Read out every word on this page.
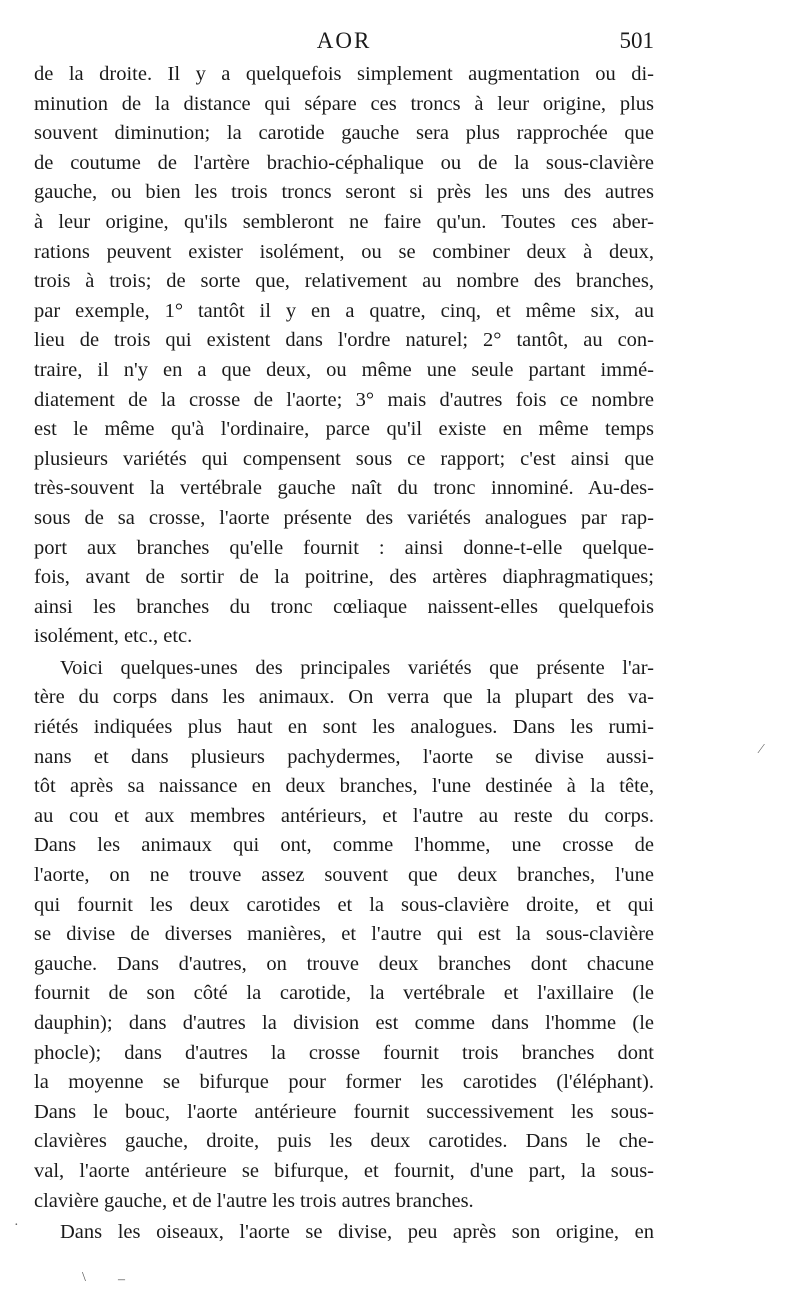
AOR	501
de la droite. Il y a quelquefois simplement augmentation ou di-
minution de la distance qui sépare ces troncs à leur origine, plus
souvent diminution; la carotide gauche sera plus rapprochée que
de coutume de l'artère brachio-céphalique ou de la sous-clavière
gauche, ou bien les trois troncs seront si près les uns des autres
à leur origine, qu'ils sembleront ne faire qu'un. Toutes ces aber-
rations peuvent exister isolément, ou se combiner deux à deux,
trois à trois; de sorte que, relativement au nombre des branches,
par exemple, 1° tantôt il y en a quatre, cinq, et même six, au
lieu de trois qui existent dans l'ordre naturel; 2° tantôt, au con-
traire, il n'y en a que deux, ou même une seule partant immé-
diatement de la crosse de l'aorte; 3° mais d'autres fois ce nombre
est le même qu'à l'ordinaire, parce qu'il existe en même temps
plusieurs variétés qui compensent sous ce rapport; c'est ainsi que
très-souvent la vertébrale gauche naît du tronc innominé. Au-des-
sous de sa crosse, l'aorte présente des variétés analogues par rap-
port aux branches qu'elle fournit : ainsi donne-t-elle quelque-
fois, avant de sortir de la poitrine, des artères diaphragmatiques;
ainsi les branches du tronc cœliaque naissent-elles quelquefois
isolément, etc., etc.
Voici quelques-unes des principales variétés que présente l'ar-
tère du corps dans les animaux. On verra que la plupart des va-
riétés indiquées plus haut en sont les analogues. Dans les rumi-
nans et dans plusieurs pachydermes, l'aorte se divise aussi-
tôt après sa naissance en deux branches, l'une destinée à la tête,
au cou et aux membres antérieurs, et l'autre au reste du corps.
Dans les animaux qui ont, comme l'homme, une crosse de
l'aorte, on ne trouve assez souvent que deux branches, l'une
qui fournit les deux carotides et la sous-clavière droite, et qui
se divise de diverses manières, et l'autre qui est la sous-clavière
gauche. Dans d'autres, on trouve deux branches dont chacune
fournit de son côté la carotide, la vertébrale et l'axillaire (le
dauphin); dans d'autres la division est comme dans l'homme (le
phocle); dans d'autres la crosse fournit trois branches dont
la moyenne se bifurque pour former les carotides (l'éléphant).
Dans le bouc, l'aorte antérieure fournit successivement les sous-
clavières gauche, droite, puis les deux carotides. Dans le che-
val, l'aorte antérieure se bifurque, et fournit, d'une part, la sous-
clavière gauche, et de l'autre les trois autres branches.
Dans les oiseaux, l'aorte se divise, peu après son origine, en
⁄
·
\ –
